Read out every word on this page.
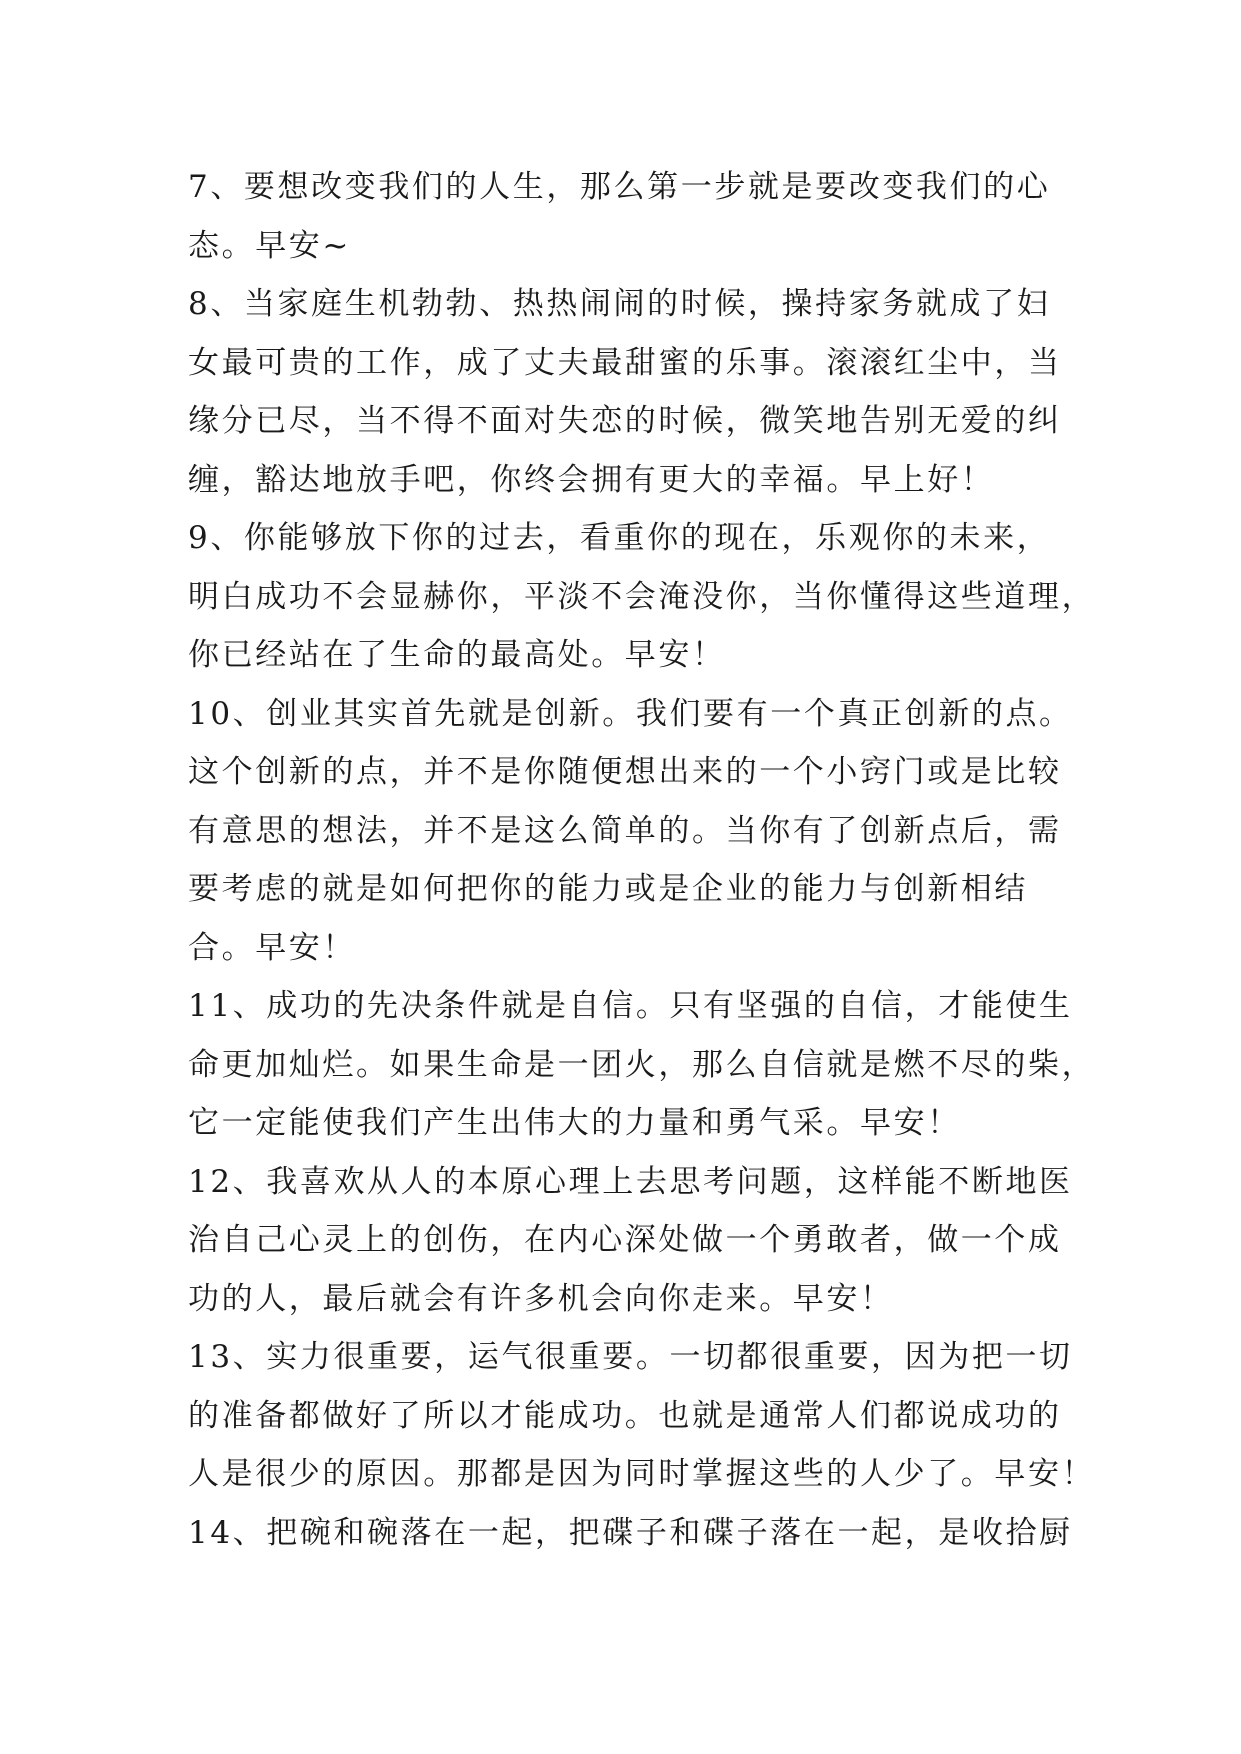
7、要想改变我们的人生，那么第一步就是要改变我们的心
态。早安~
8、当家庭生机勃勃、热热闹闹的时候，操持家务就成了妇
女最可贵的工作，成了丈夫最甜蜜的乐事。滚滚红尘中，当
缘分已尽，当不得不面对失恋的时候，微笑地告别无爱的纠
缠，豁达地放手吧，你终会拥有更大的幸福。早上好！
9、你能够放下你的过去，看重你的现在，乐观你的未来，
明白成功不会显赫你，平淡不会淹没你，当你懂得这些道理，
你已经站在了生命的最高处。早安！
10、创业其实首先就是创新。我们要有一个真正创新的点。
这个创新的点，并不是你随便想出来的一个小窍门或是比较
有意思的想法，并不是这么简单的。当你有了创新点后，需
要考虑的就是如何把你的能力或是企业的能力与创新相结
合。早安！
11、成功的先决条件就是自信。只有坚强的自信，才能使生
命更加灿烂。如果生命是一团火，那么自信就是燃不尽的柴，
它一定能使我们产生出伟大的力量和勇气采。早安！
12、我喜欢从人的本原心理上去思考问题，这样能不断地医
治自己心灵上的创伤，在内心深处做一个勇敢者，做一个成
功的人，最后就会有许多机会向你走来。早安！
13、实力很重要，运气很重要。一切都很重要，因为把一切
的准备都做好了所以才能成功。也就是通常人们都说成功的
人是很少的原因。那都是因为同时掌握这些的人少了。早安！
14、把碗和碗落在一起，把碟子和碟子落在一起，是收拾厨
